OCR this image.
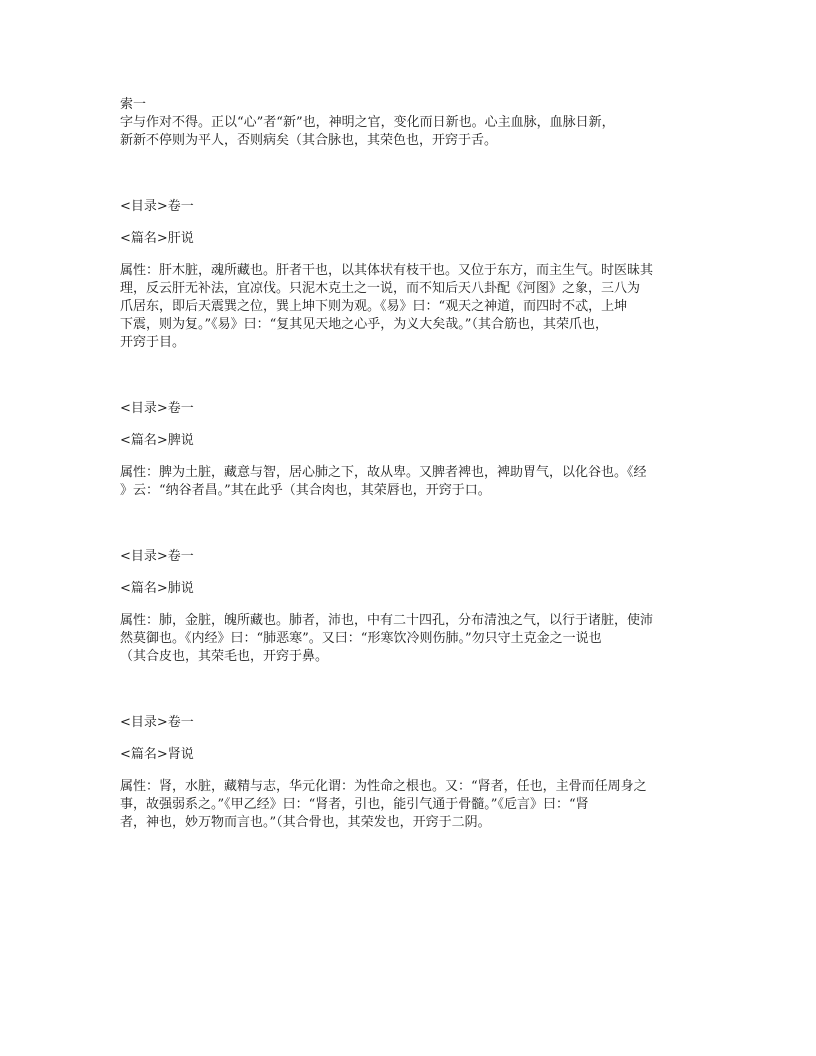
索一

字与作对不得。正以“心”者“新”也，神明之官，变化而日新也。心主血脉，血脉日新，

新新不停则为平人，否则病矣（其合脉也，其荣色也，开窍于舌。

<目录>卷一

<篇名>肝说

属性：肝木脏，魂所藏也。肝者干也，以其体状有枝干也。又位于东方，而主生气。时医昧其

理，反云肝无补法，宜凉伐。只泥木克土之一说，而不知后天八卦配《河图》之象，三八为

爪居东，即后天震巽之位，巽上坤下则为观。《易》曰：“观天之神道，而四时不忒，上坤

下震，则为复。”《易》曰：“复其见天地之心乎，为义大矣哉。”（其合筋也，其荣爪也，

开窍于目。

<目录>卷一

<篇名>脾说

属性：脾为土脏，藏意与智，居心肺之下，故从卑。又脾者裨也，裨助胃气，以化谷也。《经

》云：“纳谷者昌。”其在此乎（其合肉也，其荣唇也，开窍于口。

<目录>卷一

<篇名>肺说

属性：肺，金脏，魄所藏也。肺者，沛也，中有二十四孔，分布清浊之气，以行于诸脏，使沛

然莫御也。《内经》曰：“肺恶寒”。又曰：“形寒饮冷则伤肺。”勿只守土克金之一说也

（其合皮也，其荣毛也，开窍于鼻。

<目录>卷一

<篇名>肾说

属性：肾，水脏，藏精与志，华元化谓：为性命之根也。又：“肾者，任也，主骨而任周身之

事，故强弱系之。”《甲乙经》曰：“肾者，引也，能引气通于骨髓。”《卮言》曰：“肾

者，神也，妙万物而言也。”（其合骨也，其荣发也，开窍于二阴。
